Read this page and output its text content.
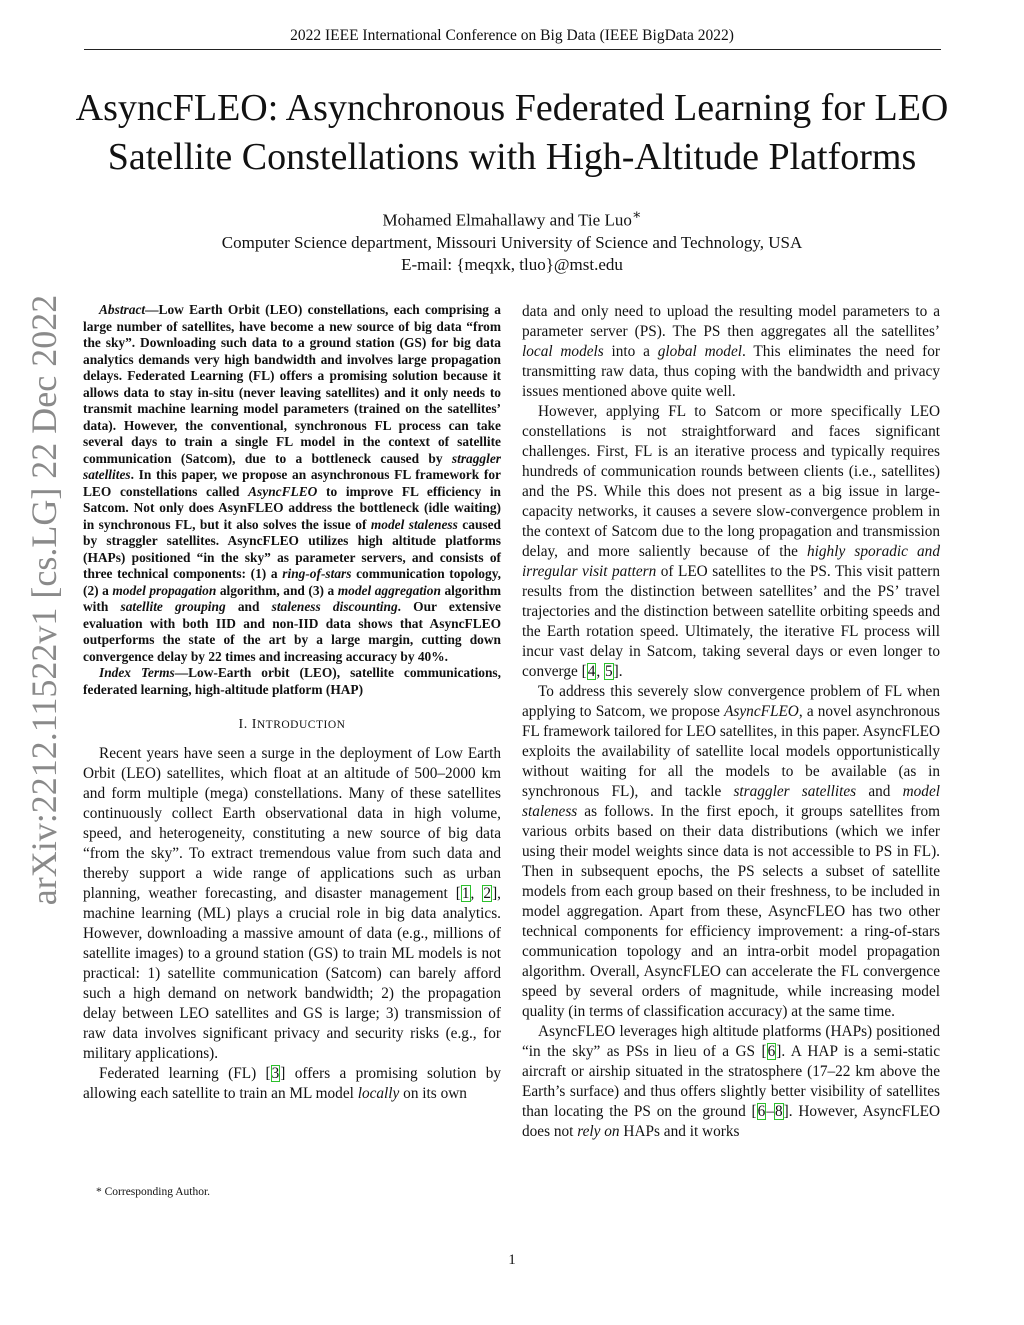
2022 IEEE International Conference on Big Data (IEEE BigData 2022)
AsyncFLEO: Asynchronous Federated Learning for LEO
Satellite Constellations with High-Altitude Platforms
Mohamed Elmahallawy and Tie Luo∗
Computer Science department, Missouri University of Science and Technology, USA
E-mail: {meqxk, tluo}@mst.edu
arXiv:2212.11522v1 [cs.LG] 22 Dec 2022	Abstract—Low Earth Orbit (LEO) constellations, each comprising a large number of satellites, have become a new source of big data “from the sky”. Downloading such data to a ground station (GS) for big data analytics demands very high bandwidth and involves large propagation delays. Federated Learning (FL) offers a promising solution because it allows data to stay in-situ (never leaving satellites) and it only needs to transmit machine learning model parameters (trained on the satellites’ data). However, the conventional, synchronous FL process can take several days to train a single FL model in the context of satellite communication (Satcom), due to a bottleneck caused by straggler satellites. In this paper, we propose an asynchronous FL framework for LEO constellations called AsyncFLEO to improve FL efficiency in Satcom. Not only does AsynFLEO address the bottleneck (idle waiting) in synchronous FL, but it also solves the issue of model staleness caused by straggler satellites. AsyncFLEO utilizes high altitude platforms (HAPs) positioned “in the sky” as parameter servers, and consists of three technical components: (1) a ring-of-stars communication topology, (2) a model propagation algorithm, and (3) a model aggregation algorithm with satellite grouping and staleness discounting. Our extensive evaluation with both IID and non-IID data shows that AsyncFLEO outperforms the state of the art by a large margin, cutting down convergence delay by 22 times and increasing accuracy by 40%.

Index Terms—Low-Earth orbit (LEO), satellite communications, federated learning, high-altitude platform (HAP)

I. INTRODUCTION

Recent years have seen a surge in the deployment of Low Earth Orbit (LEO) satellites, which float at an altitude of 500–2000 km and form multiple (mega) constellations. Many of these satellites continuously collect Earth observational data in high volume, speed, and heterogeneity, constituting a new source of big data “from the sky”. To extract tremendous value from such data and thereby support a wide range of applications such as urban planning, weather forecasting, and disaster management [1, 2], machine learning (ML) plays a crucial role in big data analytics. However, downloading a massive amount of data (e.g., millions of satellite images) to a ground station (GS) to train ML models is not practical: 1) satellite communication (Satcom) can barely afford such a high demand on network bandwidth; 2) the propagation delay between LEO satellites and GS is large; 3) transmission of raw data involves significant privacy and security risks (e.g., for military applications).

Federated learning (FL) [3] offers a promising solution by allowing each satellite to train an ML model locally on its own

data and only need to upload the resulting model parameters to a parameter server (PS). The PS then aggregates all the satellites’ local models into a global model. This eliminates the need for transmitting raw data, thus coping with the bandwidth and privacy issues mentioned above quite well.

However, applying FL to Satcom or more specifically LEO constellations is not straightforward and faces significant challenges. First, FL is an iterative process and typically requires hundreds of communication rounds between clients (i.e., satellites) and the PS. While this does not present as a big issue in large-capacity networks, it causes a severe slow-convergence problem in the context of Satcom due to the long propagation and transmission delay, and more saliently because of the highly sporadic and irregular visit pattern of LEO satellites to the PS. This visit pattern results from the distinction between satellites’ and the PS’ travel trajectories and the distinction between satellite orbiting speeds and the Earth rotation speed. Ultimately, the iterative FL process will incur vast delay in Satcom, taking several days or even longer to converge [4, 5].

To address this severely slow convergence problem of FL when applying to Satcom, we propose AsyncFLEO, a novel asynchronous FL framework tailored for LEO satellites, in this paper. AsyncFLEO exploits the availability of satellite local models opportunistically without waiting for all the models to be available (as in synchronous FL), and tackle straggler satellites and model staleness as follows. In the first epoch, it groups satellites from various orbits based on their data distributions (which we infer using their model weights since data is not accessible to PS in FL). Then in subsequent epochs, the PS selects a subset of satellite models from each group based on their freshness, to be included in model aggregation. Apart from these, AsyncFLEO has two other technical components for efficiency improvement: a ring-of-stars communication topology and an intra-orbit model propagation algorithm. Overall, AsyncFLEO can accelerate the FL convergence speed by several orders of magnitude, while increasing model quality (in terms of classification accuracy) at the same time.

AsyncFLEO leverages high altitude platforms (HAPs) positioned “in the sky” as PSs in lieu of a GS [6]. A HAP is a semi-static aircraft or airship situated in the stratosphere (17–22 km above the Earth’s surface) and thus offers slightly better visibility of satellites than locating the PS on the ground [6–8]. However, AsyncFLEO does not rely on HAPs and it works

* Corresponding Author.
1
